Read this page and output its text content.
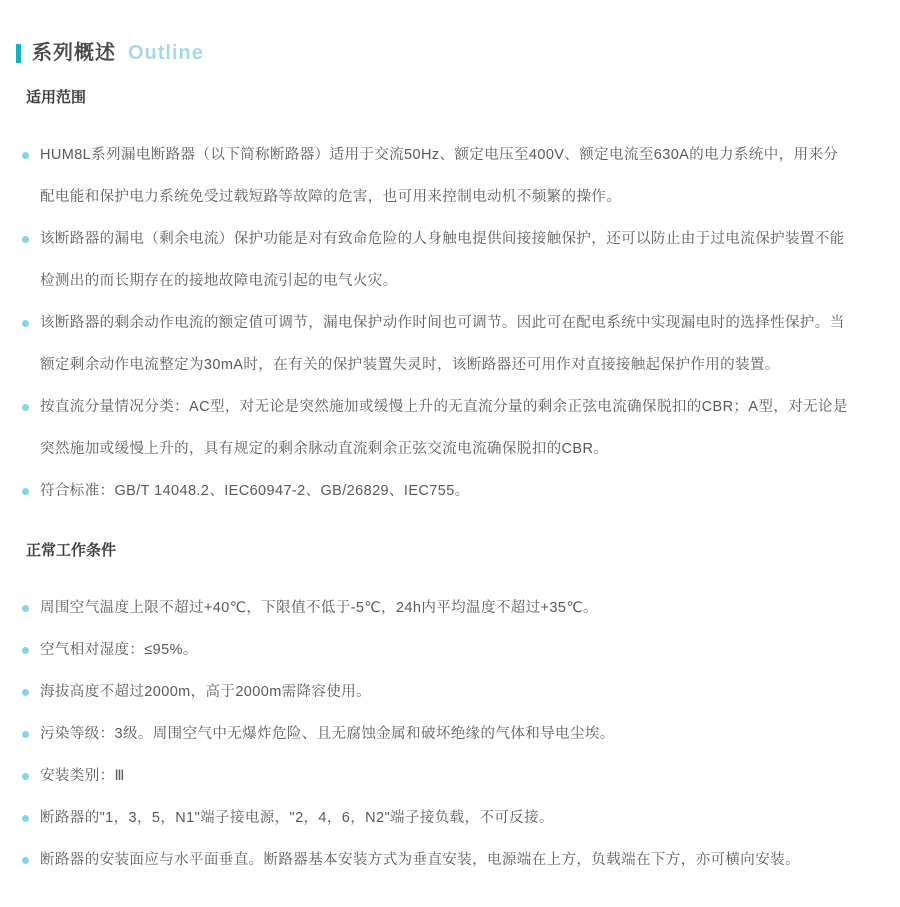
系列概述 Outline
适用范围
HUM8L系列漏电断路器（以下简称断路器）适用于交流50Hz、额定电压至400V、额定电流至630A的电力系统中，用来分配电能和保护电力系统免受过载短路等故障的危害，也可用来控制电动机不频繁的操作。
该断路器的漏电（剩余电流）保护功能是对有致命危险的人身触电提供间接接触保护，还可以防止由于过电流保护装置不能检测出的而长期存在的接地故障电流引起的电气火灾。
该断路器的剩余动作电流的额定值可调节，漏电保护动作时间也可调节。因此可在配电系统中实现漏电时的选择性保护。当额定剩余动作电流整定为30mA时，在有关的保护装置失灵时，该断路器还可用作对直接接触起保护作用的装置。
按直流分量情况分类：AC型，对无论是突然施加或缓慢上升的无直流分量的剩余正弦电流确保脱扣的CBR；A型，对无论是突然施加或缓慢上升的，具有规定的剩余脉动直流剩余正弦交流电流确保脱扣的CBR。
符合标准：GB/T 14048.2、IEC60947-2、GB/26829、IEC755。
正常工作条件
周围空气温度上限不超过+40℃，下限值不低于-5℃，24h内平均温度不超过+35℃。
空气相对湿度：≤95%。
海拔高度不超过2000m，高于2000m需降容使用。
污染等级：3级。周围空气中无爆炸危险、且无腐蚀金属和破坏绝缘的气体和导电尘埃。
安装类别：Ⅲ
断路器的"1，3，5，N1"端子接电源，"2，4，6，N2"端子接负载，不可反接。
断路器的安装面应与水平面垂直。断路器基本安装方式为垂直安装，电源端在上方，负载端在下方，亦可横向安装。
